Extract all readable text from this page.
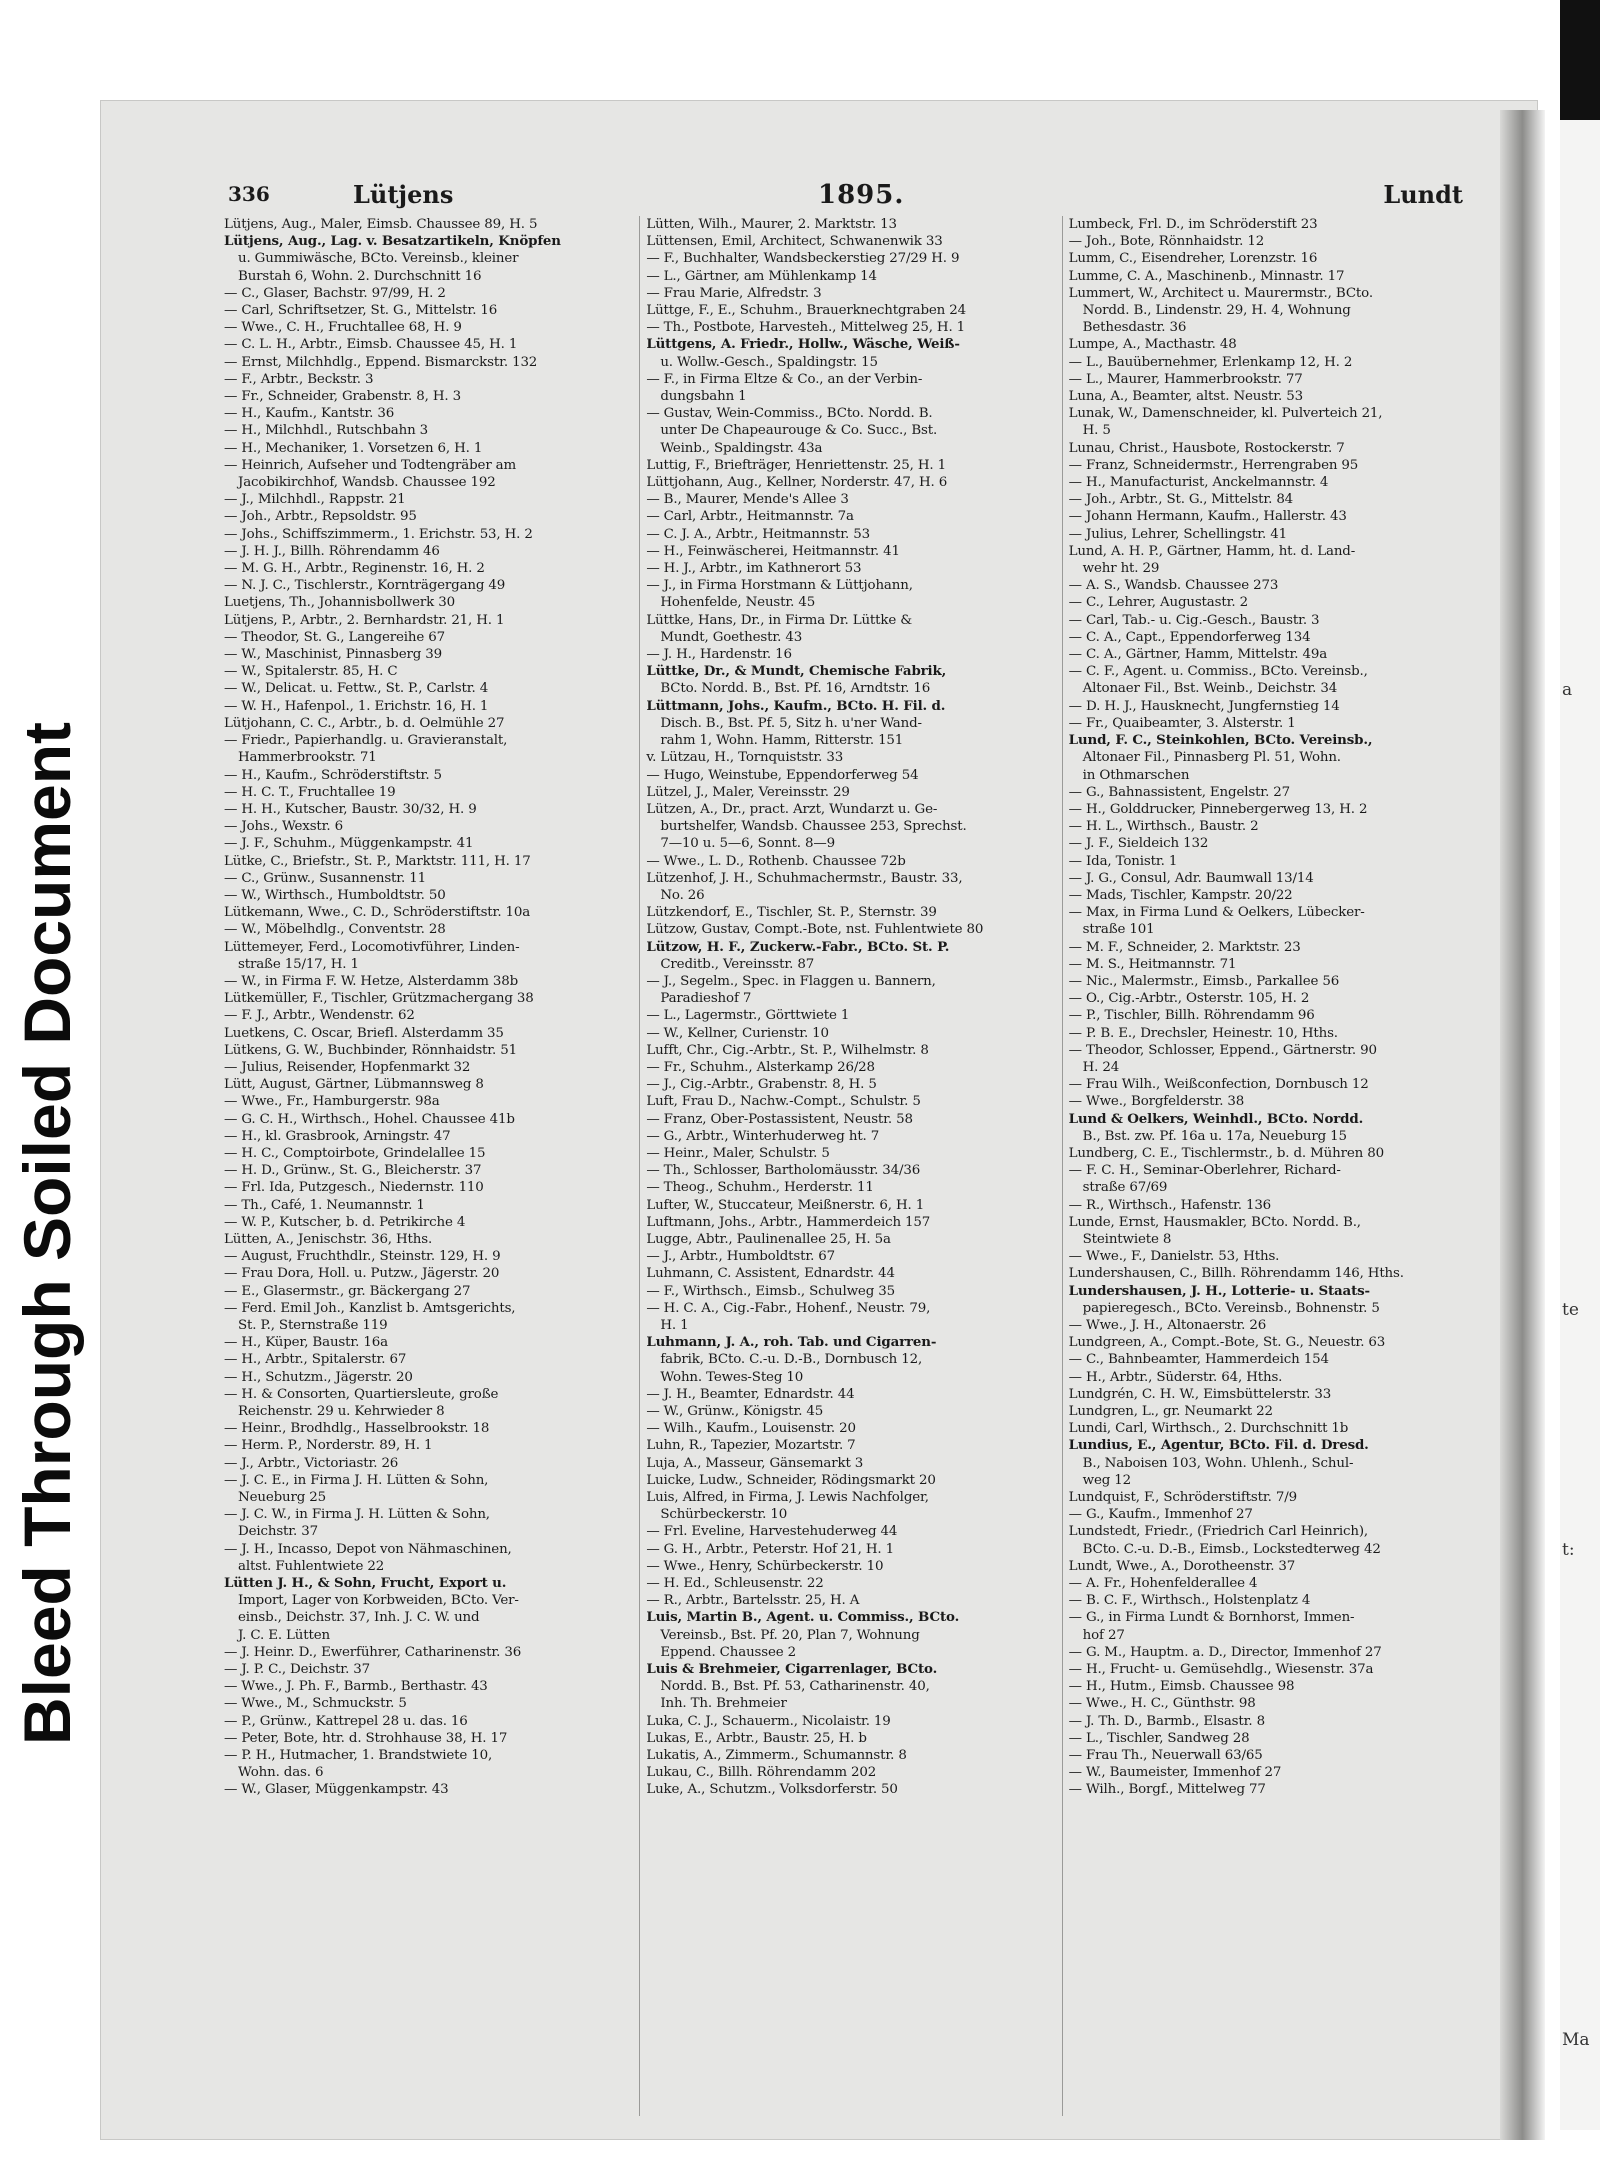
Bleed Through Soiled Document
a
te
t:
Ma
336	Lütjens	1895.	Lundt
Lütjens, Aug., Maler, Eimsb. Chaussee 89, H. 5
Lütjens, Aug., Lag. v. Besatzartikeln, Knöpfen
u. Gummiwäsche, BCto. Vereinsb., kleiner
Burstah 6, Wohn. 2. Durchschnitt 16
— C., Glaser, Bachstr. 97/99, H. 2
— Carl, Schriftsetzer, St. G., Mittelstr. 16
— Wwe., C. H., Fruchtallee 68, H. 9
— C. L. H., Arbtr., Eimsb. Chaussee 45, H. 1
— Ernst, Milchhdlg., Eppend. Bismarckstr. 132
— F., Arbtr., Beckstr. 3
— Fr., Schneider, Grabenstr. 8, H. 3
— H., Kaufm., Kantstr. 36
— H., Milchhdl., Rutschbahn 3
— H., Mechaniker, 1. Vorsetzen 6, H. 1
— Heinrich, Aufseher und Todtengräber am
Jacobikirchhof, Wandsb. Chaussee 192
— J., Milchhdl., Rappstr. 21
— Joh., Arbtr., Repsoldstr. 95
— Johs., Schiffszimmerm., 1. Erichstr. 53, H. 2
— J. H. J., Billh. Röhrendamm 46
— M. G. H., Arbtr., Reginenstr. 16, H. 2
— N. J. C., Tischlerstr., Kornträgergang 49
Luetjens, Th., Johannisbollwerk 30
Lütjens, P., Arbtr., 2. Bernhardstr. 21, H. 1
— Theodor, St. G., Langereihe 67
— W., Maschinist, Pinnasberg 39
— W., Spitalerstr. 85, H. C
— W., Delicat. u. Fettw., St. P., Carlstr. 4
— W. H., Hafenpol., 1. Erichstr. 16, H. 1
Lütjohann, C. C., Arbtr., b. d. Oelmühle 27
— Friedr., Papierhandlg. u. Gravieranstalt,
Hammerbrookstr. 71
— H., Kaufm., Schröderstiftstr. 5
— H. C. T., Fruchtallee 19
— H. H., Kutscher, Baustr. 30/32, H. 9
— Johs., Wexstr. 6
— J. F., Schuhm., Müggenkampstr. 41
Lütke, C., Briefstr., St. P., Marktstr. 111, H. 17
— C., Grünw., Susannenstr. 11
— W., Wirthsch., Humboldtstr. 50
Lütkemann, Wwe., C. D., Schröderstiftstr. 10a
— W., Möbelhdlg., Conventstr. 28
Lüttemeyer, Ferd., Locomotivführer, Linden-
straße 15/17, H. 1
— W., in Firma F. W. Hetze, Alsterdamm 38b
Lütkemüller, F., Tischler, Grützmachergang 38
— F. J., Arbtr., Wendenstr. 62
Luetkens, C. Oscar, Briefl. Alsterdamm 35
Lütkens, G. W., Buchbinder, Rönnhaidstr. 51
— Julius, Reisender, Hopfenmarkt 32
Lütt, August, Gärtner, Lübmannsweg 8
— Wwe., Fr., Hamburgerstr. 98a
— G. C. H., Wirthsch., Hohel. Chaussee 41b
— H., kl. Grasbrook, Arningstr. 47
— H. C., Comptoirbote, Grindelallee 15
— H. D., Grünw., St. G., Bleicherstr. 37
— Frl. Ida, Putzgesch., Niedernstr. 110
— Th., Café, 1. Neumannstr. 1
— W. P., Kutscher, b. d. Petrikirche 4
Lütten, A., Jenischstr. 36, Hths.
— August, Fruchthdlr., Steinstr. 129, H. 9
— Frau Dora, Holl. u. Putzw., Jägerstr. 20
— E., Glasermstr., gr. Bäckergang 27
— Ferd. Emil Joh., Kanzlist b. Amtsgerichts,
St. P., Sternstraße 119
— H., Küper, Baustr. 16a
— H., Arbtr., Spitalerstr. 67
— H., Schutzm., Jägerstr. 20
— H. & Consorten, Quartiersleute, große
Reichenstr. 29 u. Kehrwieder 8
— Heinr., Brodhdlg., Hasselbrookstr. 18
— Herm. P., Norderstr. 89, H. 1
— J., Arbtr., Victoriastr. 26
— J. C. E., in Firma J. H. Lütten & Sohn,
Neueburg 25
— J. C. W., in Firma J. H. Lütten & Sohn,
Deichstr. 37
— J. H., Incasso, Depot von Nähmaschinen,
altst. Fuhlentwiete 22
Lütten J. H., & Sohn, Frucht, Export u.
Import, Lager von Korbweiden, BCto. Ver-
einsb., Deichstr. 37, Inh. J. C. W. und
J. C. E. Lütten
— J. Heinr. D., Ewerführer, Catharinenstr. 36
— J. P. C., Deichstr. 37
— Wwe., J. Ph. F., Barmb., Berthastr. 43
— Wwe., M., Schmuckstr. 5
— P., Grünw., Kattrepel 28 u. das. 16
— Peter, Bote, htr. d. Strohhause 38, H. 17
— P. H., Hutmacher, 1. Brandstwiete 10,
Wohn. das. 6
— W., Glaser, Müggenkampstr. 43
Lütten, Wilh., Maurer, 2. Marktstr. 13
Lüttensen, Emil, Architect, Schwanenwik 33
— F., Buchhalter, Wandsbeckerstieg 27/29 H. 9
— L., Gärtner, am Mühlenkamp 14
— Frau Marie, Alfredstr. 3
Lüttge, F., E., Schuhm., Brauerknechtgraben 24
— Th., Postbote, Harvesteh., Mittelweg 25, H. 1
Lüttgens, A. Friedr., Hollw., Wäsche, Weiß-
u. Wollw.-Gesch., Spaldingstr. 15
— F., in Firma Eltze & Co., an der Verbin-
dungsbahn 1
— Gustav, Wein-Commiss., BCto. Nordd. B.
unter De Chapeaurouge & Co. Succ., Bst.
Weinb., Spaldingstr. 43a
Luttig, F., Briefträger, Henriettenstr. 25, H. 1
Lüttjohann, Aug., Kellner, Norderstr. 47, H. 6
— B., Maurer, Mende's Allee 3
— Carl, Arbtr., Heitmannstr. 7a
— C. J. A., Arbtr., Heitmannstr. 53
— H., Feinwäscherei, Heitmannstr. 41
— H. J., Arbtr., im Kathnerort 53
— J., in Firma Horstmann & Lüttjohann,
Hohenfelde, Neustr. 45
Lüttke, Hans, Dr., in Firma Dr. Lüttke &
Mundt, Goethestr. 43
— J. H., Hardenstr. 16
Lüttke, Dr., & Mundt, Chemische Fabrik,
BCto. Nordd. B., Bst. Pf. 16, Arndtstr. 16
Lüttmann, Johs., Kaufm., BCto. H. Fil. d.
Disch. B., Bst. Pf. 5, Sitz h. u'ner Wand-
rahm 1, Wohn. Hamm, Ritterstr. 151
v. Lützau, H., Tornquiststr. 33
— Hugo, Weinstube, Eppendorferweg 54
Lützel, J., Maler, Vereinsstr. 29
Lützen, A., Dr., pract. Arzt, Wundarzt u. Ge-
burtshelfer, Wandsb. Chaussee 253, Sprechst.
7—10 u. 5—6, Sonnt. 8—9
— Wwe., L. D., Rothenb. Chaussee 72b
Lützenhof, J. H., Schuhmachermstr., Baustr. 33,
No. 26
Lützkendorf, E., Tischler, St. P., Sternstr. 39
Lützow, Gustav, Compt.-Bote, nst. Fuhlentwiete 80
Lützow, H. F., Zuckerw.-Fabr., BCto. St. P.
Creditb., Vereinsstr. 87
— J., Segelm., Spec. in Flaggen u. Bannern,
Paradieshof 7
— L., Lagermstr., Görttwiete 1
— W., Kellner, Curienstr. 10
Lufft, Chr., Cig.-Arbtr., St. P., Wilhelmstr. 8
— Fr., Schuhm., Alsterkamp 26/28
— J., Cig.-Arbtr., Grabenstr. 8, H. 5
Luft, Frau D., Nachw.-Compt., Schulstr. 5
— Franz, Ober-Postassistent, Neustr. 58
— G., Arbtr., Winterhuderweg ht. 7
— Heinr., Maler, Schulstr. 5
— Th., Schlosser, Bartholomäusstr. 34/36
— Theog., Schuhm., Herderstr. 11
Lufter, W., Stuccateur, Meißnerstr. 6, H. 1
Luftmann, Johs., Arbtr., Hammerdeich 157
Lugge, Abtr., Paulinenallee 25, H. 5a
— J., Arbtr., Humboldtstr. 67
Luhmann, C. Assistent, Ednardstr. 44
— F., Wirthsch., Eimsb., Schulweg 35
— H. C. A., Cig.-Fabr., Hohenf., Neustr. 79,
H. 1
Luhmann, J. A., roh. Tab. und Cigarren-
fabrik, BCto. C.-u. D.-B., Dornbusch 12,
Wohn. Tewes-Steg 10
— J. H., Beamter, Ednardstr. 44
— W., Grünw., Königstr. 45
— Wilh., Kaufm., Louisenstr. 20
Luhn, R., Tapezier, Mozartstr. 7
Luja, A., Masseur, Gänsemarkt 3
Luicke, Ludw., Schneider, Rödingsmarkt 20
Luis, Alfred, in Firma, J. Lewis Nachfolger,
Schürbeckerstr. 10
— Frl. Eveline, Harvestehuderweg 44
— G. H., Arbtr., Peterstr. Hof 21, H. 1
— Wwe., Henry, Schürbeckerstr. 10
— H. Ed., Schleusenstr. 22
— R., Arbtr., Bartelsstr. 25, H. A
Luis, Martin B., Agent. u. Commiss., BCto.
Vereinsb., Bst. Pf. 20, Plan 7, Wohnung
Eppend. Chaussee 2
Luis & Brehmeier, Cigarrenlager, BCto.
Nordd. B., Bst. Pf. 53, Catharinenstr. 40,
Inh. Th. Brehmeier
Luka, C. J., Schauerm., Nicolaistr. 19
Lukas, E., Arbtr., Baustr. 25, H. b
Lukatis, A., Zimmerm., Schumannstr. 8
Lukau, C., Billh. Röhrendamm 202
Luke, A., Schutzm., Volksdorferstr. 50
Lumbeck, Frl. D., im Schröderstift 23
— Joh., Bote, Rönnhaidstr. 12
Lumm, C., Eisendreher, Lorenzstr. 16
Lumme, C. A., Maschinenb., Minnastr. 17
Lummert, W., Architect u. Maurermstr., BCto.
Nordd. B., Lindenstr. 29, H. 4, Wohnung
Bethesdastr. 36
Lumpe, A., Macthastr. 48
— L., Bauübernehmer, Erlenkamp 12, H. 2
— L., Maurer, Hammerbrookstr. 77
Luna, A., Beamter, altst. Neustr. 53
Lunak, W., Damenschneider, kl. Pulverteich 21,
H. 5
Lunau, Christ., Hausbote, Rostockerstr. 7
— Franz, Schneidermstr., Herrengraben 95
— H., Manufacturist, Anckelmannstr. 4
— Joh., Arbtr., St. G., Mittelstr. 84
— Johann Hermann, Kaufm., Hallerstr. 43
— Julius, Lehrer, Schellingstr. 41
Lund, A. H. P., Gärtner, Hamm, ht. d. Land-
wehr ht. 29
— A. S., Wandsb. Chaussee 273
— C., Lehrer, Augustastr. 2
— Carl, Tab.- u. Cig.-Gesch., Baustr. 3
— C. A., Capt., Eppendorferweg 134
— C. A., Gärtner, Hamm, Mittelstr. 49a
— C. F., Agent. u. Commiss., BCto. Vereinsb.,
Altonaer Fil., Bst. Weinb., Deichstr. 34
— D. H. J., Hausknecht, Jungfernstieg 14
— Fr., Quaibeamter, 3. Alsterstr. 1
Lund, F. C., Steinkohlen, BCto. Vereinsb.,
Altonaer Fil., Pinnasberg Pl. 51, Wohn.
in Othmarschen
— G., Bahnassistent, Engelstr. 27
— H., Golddrucker, Pinnebergerweg 13, H. 2
— H. L., Wirthsch., Baustr. 2
— J. F., Sieldeich 132
— Ida, Tonistr. 1
— J. G., Consul, Adr. Baumwall 13/14
— Mads, Tischler, Kampstr. 20/22
— Max, in Firma Lund & Oelkers, Lübecker-
straße 101
— M. F., Schneider, 2. Marktstr. 23
— M. S., Heitmannstr. 71
— Nic., Malermstr., Eimsb., Parkallee 56
— O., Cig.-Arbtr., Osterstr. 105, H. 2
— P., Tischler, Billh. Röhrendamm 96
— P. B. E., Drechsler, Heinestr. 10, Hths.
— Theodor, Schlosser, Eppend., Gärtnerstr. 90
H. 24
— Frau Wilh., Weißconfection, Dornbusch 12
— Wwe., Borgfelderstr. 38
Lund & Oelkers, Weinhdl., BCto. Nordd.
B., Bst. zw. Pf. 16a u. 17a, Neueburg 15
Lundberg, C. E., Tischlermstr., b. d. Mühren 80
— F. C. H., Seminar-Oberlehrer, Richard-
straße 67/69
— R., Wirthsch., Hafenstr. 136
Lunde, Ernst, Hausmakler, BCto. Nordd. B.,
Steintwiete 8
— Wwe., F., Danielstr. 53, Hths.
Lundershausen, C., Billh. Röhrendamm 146, Hths.
Lundershausen, J. H., Lotterie- u. Staats-
papieregesch., BCto. Vereinsb., Bohnenstr. 5
— Wwe., J. H., Altonaerstr. 26
Lundgreen, A., Compt.-Bote, St. G., Neuestr. 63
— C., Bahnbeamter, Hammerdeich 154
— H., Arbtr., Süderstr. 64, Hths.
Lundgrén, C. H. W., Eimsbüttelerstr. 33
Lundgren, L., gr. Neumarkt 22
Lundi, Carl, Wirthsch., 2. Durchschnitt 1b
Lundius, E., Agentur, BCto. Fil. d. Dresd.
B., Naboisen 103, Wohn. Uhlenh., Schul-
weg 12
Lundquist, F., Schröderstiftstr. 7/9
— G., Kaufm., Immenhof 27
Lundstedt, Friedr., (Friedrich Carl Heinrich),
BCto. C.-u. D.-B., Eimsb., Lockstedterweg 42
Lundt, Wwe., A., Dorotheenstr. 37
— A. Fr., Hohenfelderallee 4
— B. C. F., Wirthsch., Holstenplatz 4
— G., in Firma Lundt & Bornhorst, Immen-
hof 27
— G. M., Hauptm. a. D., Director, Immenhof 27
— H., Frucht- u. Gemüsehdlg., Wiesenstr. 37a
— H., Hutm., Eimsb. Chaussee 98
— Wwe., H. C., Günthstr. 98
— J. Th. D., Barmb., Elsastr. 8
— L., Tischler, Sandweg 28
— Frau Th., Neuerwall 63/65
— W., Baumeister, Immenhof 27
— Wilh., Borgf., Mittelweg 77
